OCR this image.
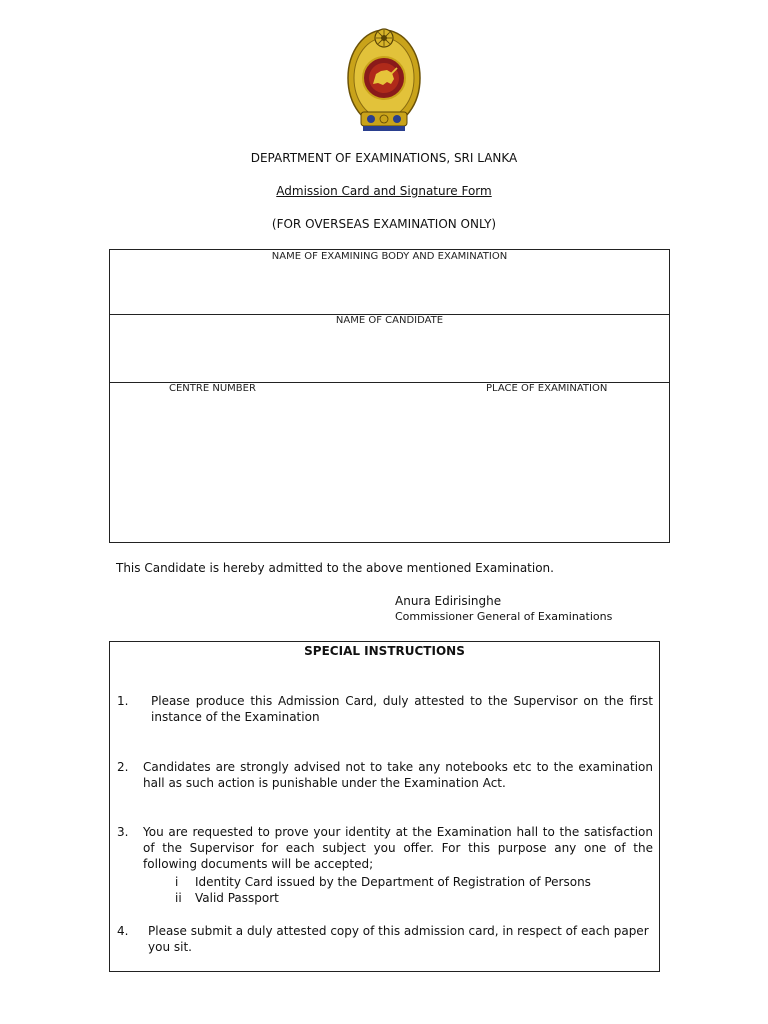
DEPARTMENT OF EXAMINATIONS, SRI LANKA
Admission Card and Signature Form
(FOR OVERSEAS EXAMINATION ONLY)
NAME OF EXAMINING BODY AND EXAMINATION
NAME OF CANDIDATE
CENTRE NUMBER	PLACE OF EXAMINATION
This Candidate is hereby admitted to the above mentioned Examination.
Anura Edirisinghe
Commissioner General of Examinations
SPECIAL INSTRUCTIONS
1. Please produce this Admission Card, duly attested to the Supervisor on the first instance of the Examination
2. Candidates are strongly advised not to take any notebooks etc to the examination hall as such action is punishable under the Examination Act.
3. You are requested to prove your identity at the Examination hall to the satisfaction of the Supervisor for each subject you offer. For this purpose any one of the following documents will be accepted;
i Identity Card issued by the Department of Registration of Persons
ii Valid Passport
4. Please submit a duly attested copy of this admission card, in respect of each paper you sit.
